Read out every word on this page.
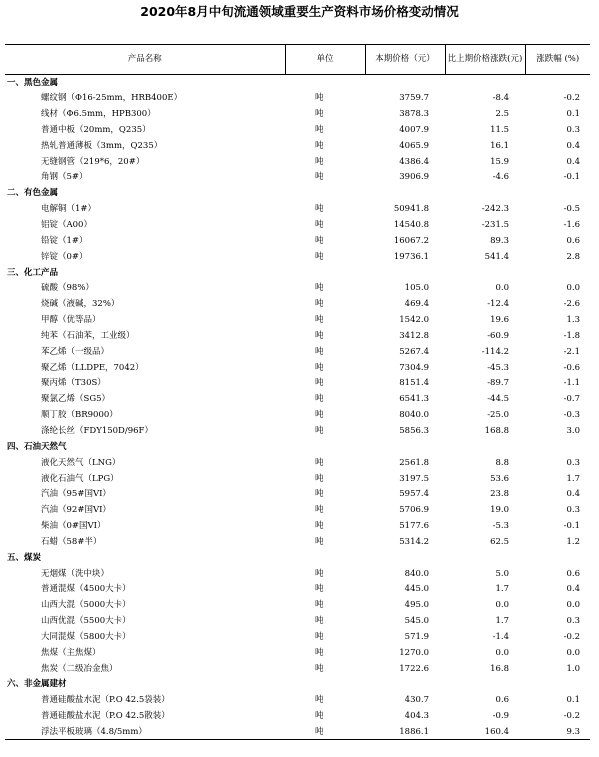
2020年8月中旬流通领域重要生产资料市场价格变动情况
产品名称	单位	本期价格（元）	比上期价格涨跌(元)	涨跌幅 (%)
一、黑色金属				
螺纹钢（Φ16-25mm，HRB400E）	吨	3759.7	-8.4	-0.2
线材（Φ6.5mm，HPB300）	吨	3878.3	2.5	0.1
普通中板（20mm，Q235）	吨	4007.9	11.5	0.3
热轧普通薄板（3mm，Q235）	吨	4065.9	16.1	0.4
无缝钢管（219*6，20#）	吨	4386.4	15.9	0.4
角钢（5#）	吨	3906.9	-4.6	-0.1
二、有色金属				
电解铜（1#）	吨	50941.8	-242.3	-0.5
铝锭（A00）	吨	14540.8	-231.5	-1.6
铅锭（1#）	吨	16067.2	89.3	0.6
锌锭（0#）	吨	19736.1	541.4	2.8
三、化工产品				
硫酸（98%）	吨	105.0	0.0	0.0
烧碱（液碱，32%）	吨	469.4	-12.4	-2.6
甲醇（优等品）	吨	1542.0	19.6	1.3
纯苯（石油苯，工业级）	吨	3412.8	-60.9	-1.8
苯乙烯（一级品）	吨	5267.4	-114.2	-2.1
聚乙烯（LLDPE，7042）	吨	7304.9	-45.3	-0.6
聚丙烯（T30S）	吨	8151.4	-89.7	-1.1
聚氯乙烯（SG5）	吨	6541.3	-44.5	-0.7
顺丁胶（BR9000）	吨	8040.0	-25.0	-0.3
涤纶长丝（FDY150D/96F）	吨	5856.3	168.8	3.0
四、石油天然气				
液化天然气（LNG）	吨	2561.8	8.8	0.3
液化石油气（LPG）	吨	3197.5	53.6	1.7
汽油（95#国VI）	吨	5957.4	23.8	0.4
汽油（92#国VI）	吨	5706.9	19.0	0.3
柴油（0#国VI）	吨	5177.6	-5.3	-0.1
石蜡（58#半）	吨	5314.2	62.5	1.2
五、煤炭				
无烟煤（洗中块）	吨	840.0	5.0	0.6
普通混煤（4500大卡）	吨	445.0	1.7	0.4
山西大混（5000大卡）	吨	495.0	0.0	0.0
山西优混（5500大卡）	吨	545.0	1.7	0.3
大同混煤（5800大卡）	吨	571.9	-1.4	-0.2
焦煤（主焦煤）	吨	1270.0	0.0	0.0
焦炭（二级冶金焦）	吨	1722.6	16.8	1.0
六、非金属建材				
普通硅酸盐水泥（P.O 42.5袋装）	吨	430.7	0.6	0.1
普通硅酸盐水泥（P.O 42.5散装）	吨	404.3	-0.9	-0.2
浮法平板玻璃（4.8/5mm）	吨	1886.1	160.4	9.3
